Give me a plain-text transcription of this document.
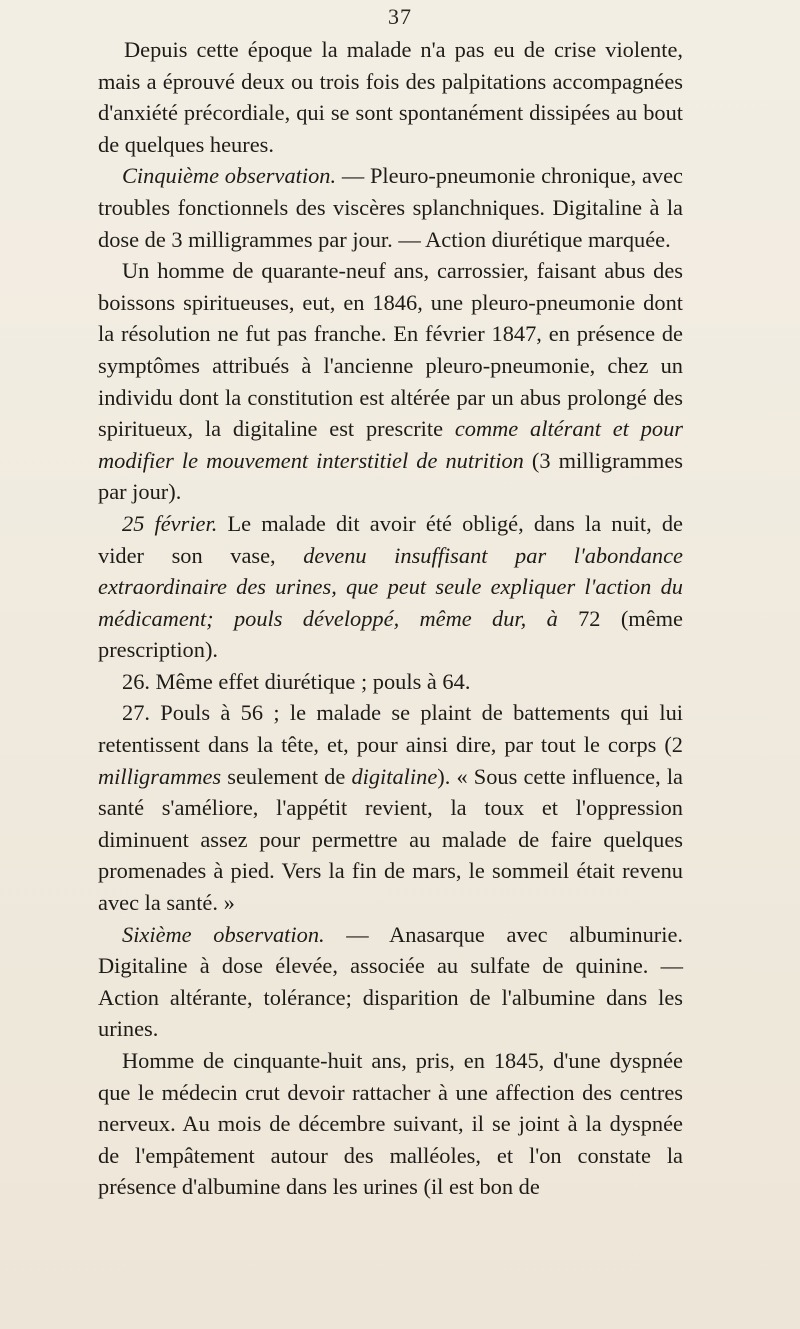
37

Depuis cette époque la malade n'a pas eu de crise violente, mais a éprouvé deux ou trois fois des palpitations accompagnées d'anxiété précordiale, qui se sont spontanément dissipées au bout de quelques heures.

Cinquième observation. — Pleuro-pneumonie chronique, avec troubles fonctionnels des viscères splanchniques. Digitaline à la dose de 3 milligrammes par jour. — Action diurétique marquée.

Un homme de quarante-neuf ans, carrossier, faisant abus des boissons spiritueuses, eut, en 1846, une pleuro-pneumonie dont la résolution ne fut pas franche. En février 1847, en présence de symptômes attribués à l'ancienne pleuro-pneumonie, chez un individu dont la constitution est altérée par un abus prolongé des spiritueux, la digitaline est prescrite comme altérant et pour modifier le mouvement interstitiel de nutrition (3 milligrammes par jour).

25 février. Le malade dit avoir été obligé, dans la nuit, de vider son vase, devenu insuffisant par l'abondance extraordinaire des urines, que peut seule expliquer l'action du médicament; pouls développé, même dur, à 72 (même prescription).

26. Même effet diurétique ; pouls à 64.

27. Pouls à 56 ; le malade se plaint de battements qui lui retentissent dans la tête, et, pour ainsi dire, par tout le corps (2 milligrammes seulement de digitaline). « Sous cette influence, la santé s'améliore, l'appétit revient, la toux et l'oppression diminuent assez pour permettre au malade de faire quelques promenades à pied. Vers la fin de mars, le sommeil était revenu avec la santé. »

Sixième observation. — Anasarque avec albuminurie. Digitaline à dose élevée, associée au sulfate de quinine. — Action altérante, tolérance; disparition de l'albumine dans les urines.

Homme de cinquante-huit ans, pris, en 1845, d'une dyspnée que le médecin crut devoir rattacher à une affection des centres nerveux. Au mois de décembre suivant, il se joint à la dyspnée de l'empâtement autour des malléoles, et l'on constate la présence d'albumine dans les urines (il est bon de
